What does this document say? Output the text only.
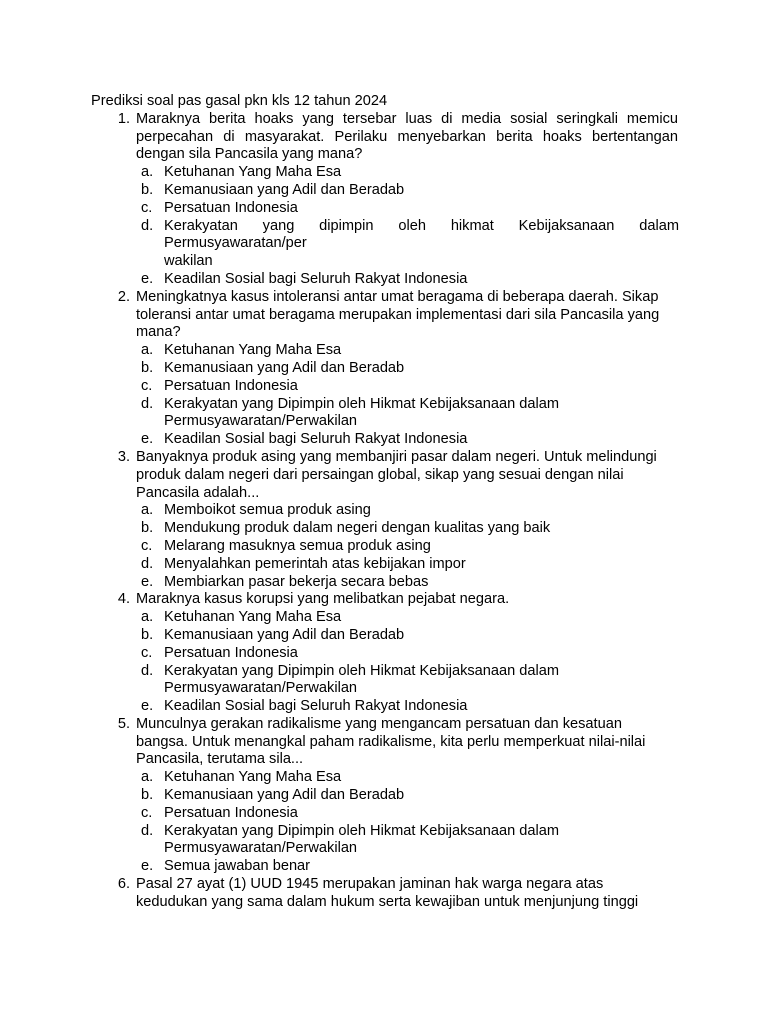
Prediksi soal pas gasal pkn kls 12 tahun 2024
1. Maraknya berita hoaks yang tersebar luas di media sosial seringkali memicu perpecahan di masyarakat. Perilaku menyebarkan berita hoaks bertentangan dengan sila Pancasila yang mana?
a. Ketuhanan Yang Maha Esa
b. Kemanusiaan yang Adil dan Beradab
c. Persatuan Indonesia
d. Kerakyatan yang dipimpin oleh hikmat Kebijaksanaan dalam
Permusyawaratan/per
wakilan
e. Keadilan Sosial bagi Seluruh Rakyat Indonesia
2. Meningkatnya kasus intoleransi antar umat beragama di beberapa daerah. Sikap toleransi antar umat beragama merupakan implementasi dari sila Pancasila yang mana?
a. Ketuhanan Yang Maha Esa
b. Kemanusiaan yang Adil dan Beradab
c. Persatuan Indonesia
d. Kerakyatan yang Dipimpin oleh Hikmat Kebijaksanaan dalam Permusyawaratan/Perwakilan
e. Keadilan Sosial bagi Seluruh Rakyat Indonesia
3. Banyaknya produk asing yang membanjiri pasar dalam negeri. Untuk melindungi produk dalam negeri dari persaingan global, sikap yang sesuai dengan nilai Pancasila adalah...
a. Memboikot semua produk asing
b. Mendukung produk dalam negeri dengan kualitas yang baik
c. Melarang masuknya semua produk asing
d. Menyalahkan pemerintah atas kebijakan impor
e. Membiarkan pasar bekerja secara bebas
4. Maraknya kasus korupsi yang melibatkan pejabat negara.
a. Ketuhanan Yang Maha Esa
b. Kemanusiaan yang Adil dan Beradab
c. Persatuan Indonesia
d. Kerakyatan yang Dipimpin oleh Hikmat Kebijaksanaan dalam Permusyawaratan/Perwakilan
e. Keadilan Sosial bagi Seluruh Rakyat Indonesia
5. Munculnya gerakan radikalisme yang mengancam persatuan dan kesatuan bangsa. Untuk menangkal paham radikalisme, kita perlu memperkuat nilai-nilai Pancasila, terutama sila...
a. Ketuhanan Yang Maha Esa
b. Kemanusiaan yang Adil dan Beradab
c. Persatuan Indonesia
d. Kerakyatan yang Dipimpin oleh Hikmat Kebijaksanaan dalam Permusyawaratan/Perwakilan
e. Semua jawaban benar
6. Pasal 27 ayat (1) UUD 1945 merupakan jaminan hak warga negara atas kedudukan yang sama dalam hukum serta kewajiban untuk menjunjung tinggi
